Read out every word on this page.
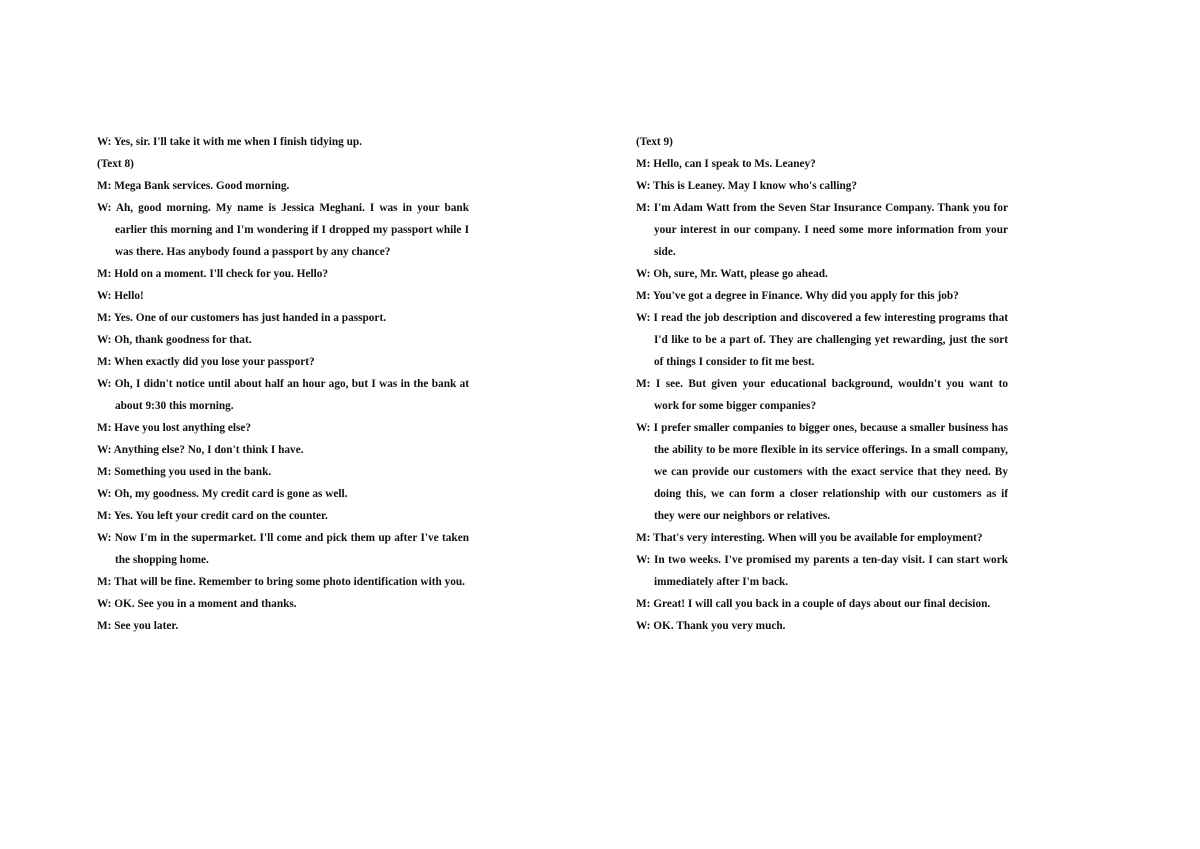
W: Yes, sir. I'll take it with me when I finish tidying up.
(Text 8)
M: Mega Bank services. Good morning.
W: Ah, good morning. My name is Jessica Meghani. I was in your bank
earlier this morning and I'm wondering if I dropped my passport while I
was there. Has anybody found a passport by any chance?
M: Hold on a moment. I'll check for you. Hello?
W: Hello!
M: Yes. One of our customers has just handed in a passport.
W: Oh, thank goodness for that.
M: When exactly did you lose your passport?
W: Oh, I didn't notice until about half an hour ago, but I was in the bank at
about 9:30 this morning.
M: Have you lost anything else?
W: Anything else? No, I don't think I have.
M: Something you used in the bank.
W: Oh, my goodness. My credit card is gone as well.
M: Yes. You left your credit card on the counter.
W: Now I'm in the supermarket. I'll come and pick them up after I've taken
the shopping home.
M: That will be fine. Remember to bring some photo identification with you.
W: OK. See you in a moment and thanks.
M: See you later.
(Text 9)
M: Hello, can I speak to Ms. Leaney?
W: This is Leaney. May I know who's calling?
M: I'm Adam Watt from the Seven Star Insurance Company. Thank you for
your interest in our company. I need some more information from your
side.
W: Oh, sure, Mr. Watt, please go ahead.
M: You've got a degree in Finance. Why did you apply for this job?
W: I read the job description and discovered a few interesting programs that
I'd like to be a part of. They are challenging yet rewarding, just the sort
of things I consider to fit me best.
M: I see. But given your educational background, wouldn't you want to
work for some bigger companies?
W: I prefer smaller companies to bigger ones, because a smaller business has
the ability to be more flexible in its service offerings. In a small company,
we can provide our customers with the exact service that they need. By
doing this, we can form a closer relationship with our customers as if
they were our neighbors or relatives.
M: That's very interesting. When will you be available for employment?
W: In two weeks. I've promised my parents a ten-day visit. I can start work
immediately after I'm back.
M: Great! I will call you back in a couple of days about our final decision.
W: OK. Thank you very much.
